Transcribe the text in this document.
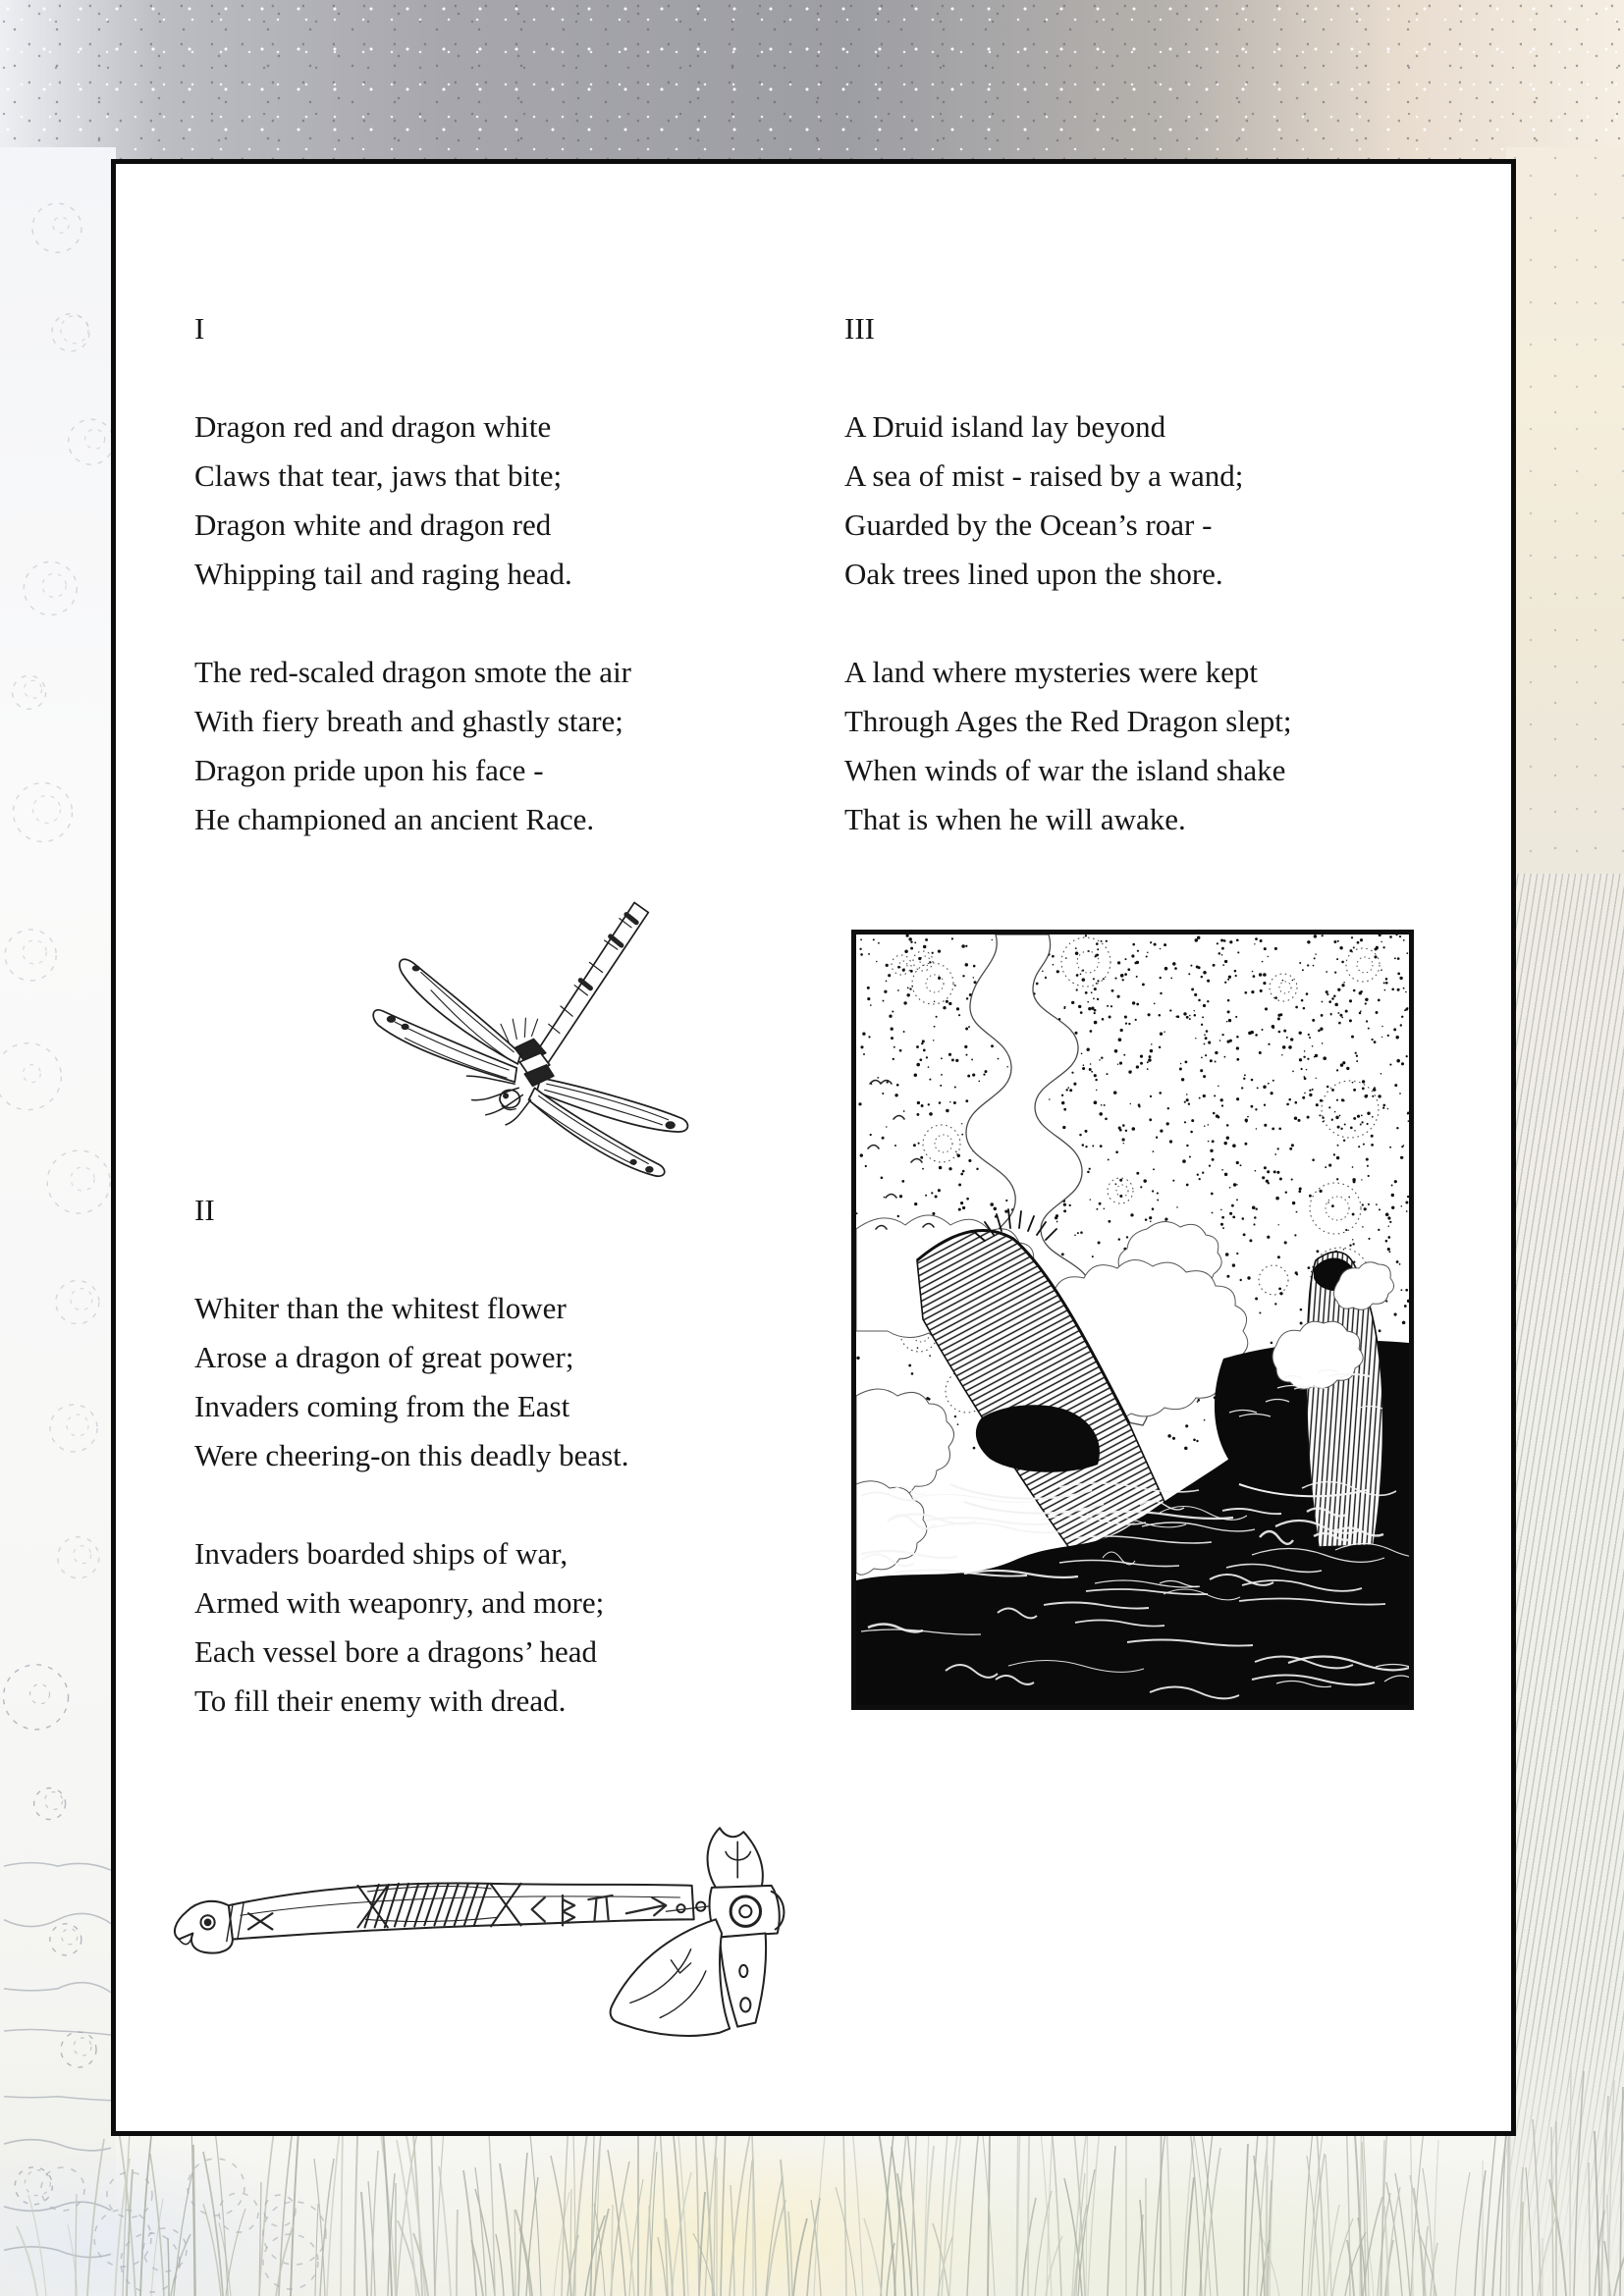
I
Dragon red and dragon white
Claws that tear, jaws that bite;
Dragon white and dragon red
Whipping tail and raging head.
The red-scaled dragon smote the air
With fiery breath and ghastly stare;
Dragon pride upon his face -
He championed an ancient Race.
III
A Druid island lay beyond
A sea of mist - raised by a wand;
Guarded by the Ocean’s roar -
Oak trees lined upon the shore.
A land where mysteries were kept
Through Ages the Red Dragon slept;
When winds of war the island shake
That is when he will awake.
II
Whiter than the whitest flower
Arose a dragon of great power;
Invaders coming from the East
Were cheering-on this deadly beast.
Invaders boarded ships of war,
Armed with weaponry, and more;
Each vessel bore a dragons’ head
To fill their enemy with dread.
